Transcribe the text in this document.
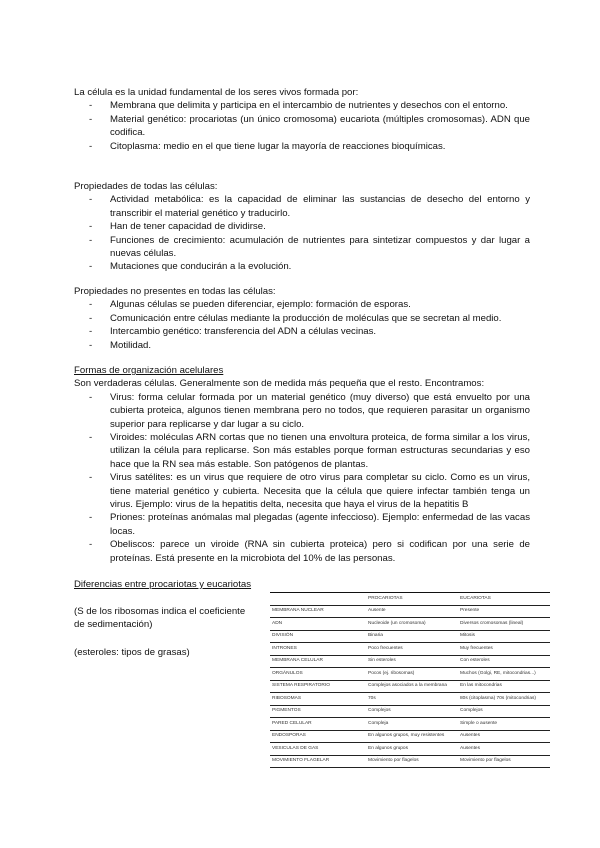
La célula es la unidad fundamental de los seres vivos formada por:

- Membrana que delimita y participa en el intercambio de nutrientes y desechos con el entorno.
- Material genético: procariotas (un único cromosoma) eucariota (múltiples cromosomas). ADN que codifica.
- Citoplasma: medio en el que tiene lugar la mayoría de reacciones bioquímicas.

Propiedades de todas las células:

- Actividad metabólica: es la capacidad de eliminar las sustancias de desecho del entorno y transcribir el material genético y traducirlo.
- Han de tener capacidad de dividirse.
- Funciones de crecimiento: acumulación de nutrientes para sintetizar compuestos y dar lugar a nuevas células.
- Mutaciones que conducirán a la evolución.

Propiedades no presentes en todas las células:

- Algunas células se pueden diferenciar, ejemplo: formación de esporas.
- Comunicación entre células mediante la producción de moléculas que se secretan al medio.
- Intercambio genético: transferencia del ADN a células vecinas.
- Motilidad.

Formas de organización acelulares

Son verdaderas células. Generalmente son de medida más pequeña que el resto. Encontramos:

- Virus: forma celular formada por un material genético (muy diverso) que está envuelto por una cubierta proteica, algunos tienen membrana pero no todos, que requieren parasitar un organismo superior para replicarse y dar lugar a su ciclo.
- Viroides: moléculas ARN cortas que no tienen una envoltura proteica, de forma similar a los virus, utilizan la célula para replicarse. Son más estables porque forman estructuras secundarias y eso hace que la RN sea más estable. Son patógenos de plantas.
- Virus satélites: es un virus que requiere de otro virus para completar su ciclo. Como es un virus, tiene material genético y cubierta. Necesita que la célula que quiere infectar también tenga un virus. Ejemplo: virus de la hepatitis delta, necesita que haya el virus de la hepatitis B
- Priones: proteínas anómalas mal plegadas (agente infeccioso). Ejemplo: enfermedad de las vacas locas.
- Obeliscos: parece un viroide (RNA sin cubierta proteica) pero si codifican por una serie de proteínas. Está presente en la microbiota del 10% de las personas.

Diferencias entre procariotas y eucariotas

(S de los ribosomas indica el coeficiente de sedimentación)

(esteroles: tipos de grasas)

	PROCARIOTAS	EUCARIOTAS
MEMBRANA NUCLEAR	Ausente	Presente
ADN	Nucleoide (un cromosoma)	Diversos cromosomas (lineal)
DIVISIÓN	Binaria	Mitosis
INTRONES	Poco frecuentes	Muy frecuentes
MEMBRANA CELULAR	Sin esteroles	Con esteroles
ORGÁNULOS	Pocos (ej. ribosomas)	Muchos (Golgi, RE, mitocondrias...)
SISTEMA RESPIRATORIO	Complejos asociados a la membrana	En las mitocondrias
RIBOSOMAS	70s	80s (citoplasma) 70s (mitocondrias)
PIGMENTOS	Complejos	Complejos
PARED CELULAR	Compleja	Simple o ausente
ENDOSPORAS	En algunos grupos, muy resistentes	Ausentes
VESICULAS DE GAS	En algunos grupos	Ausentes
MOVIMIENTO FLAGELAR	Movimiento por flagelos	Movimiento por flagelos
